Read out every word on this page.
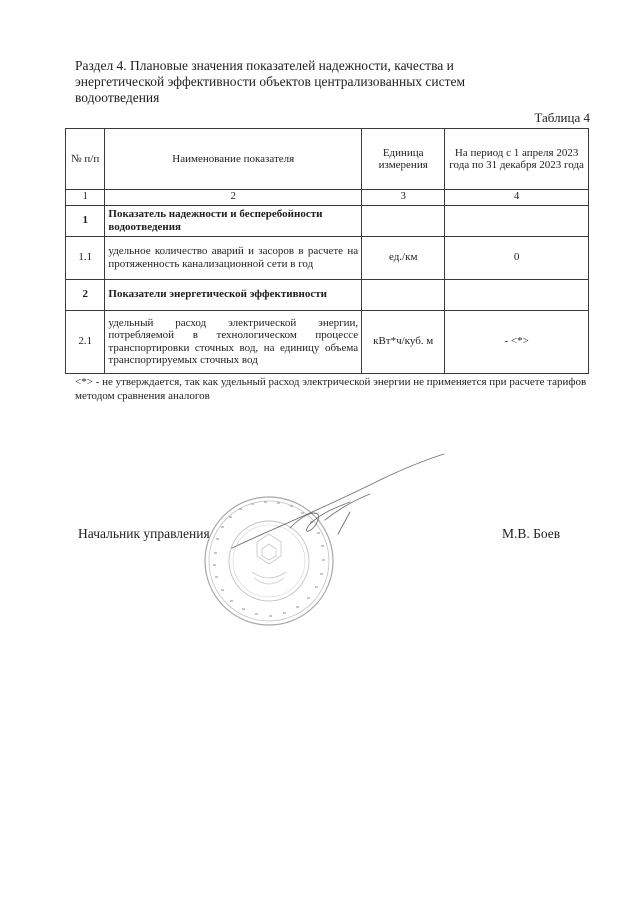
Раздел 4. Плановые значения показателей надежности, качества и
энергетической эффективности объектов централизованных систем
водоотведения
Таблица 4
№ п/п	Наименование показателя	Единица измерения	На период с 1 апреля 2023 года по 31 декабря 2023 года
1	2	3	4
1	Показатель надежности и бесперебойности водоотведения		
1.1	удельное количество аварий и засоров в расчете на протяженность канализационной сети в год	ед./км	0
2	Показатели энергетической эффективности		
2.1	удельный расход электрической энергии, потребляемой в технологическом процессе транспортировки сточных вод, на единицу объема транспортируемых сточных вод	кВт*ч/куб. м	- <*>
<*> - не утверждается, так как удельный расход электрической энергии не применяется при расчете тарифов методом сравнения аналогов
Начальник управления	М.В. Боев
